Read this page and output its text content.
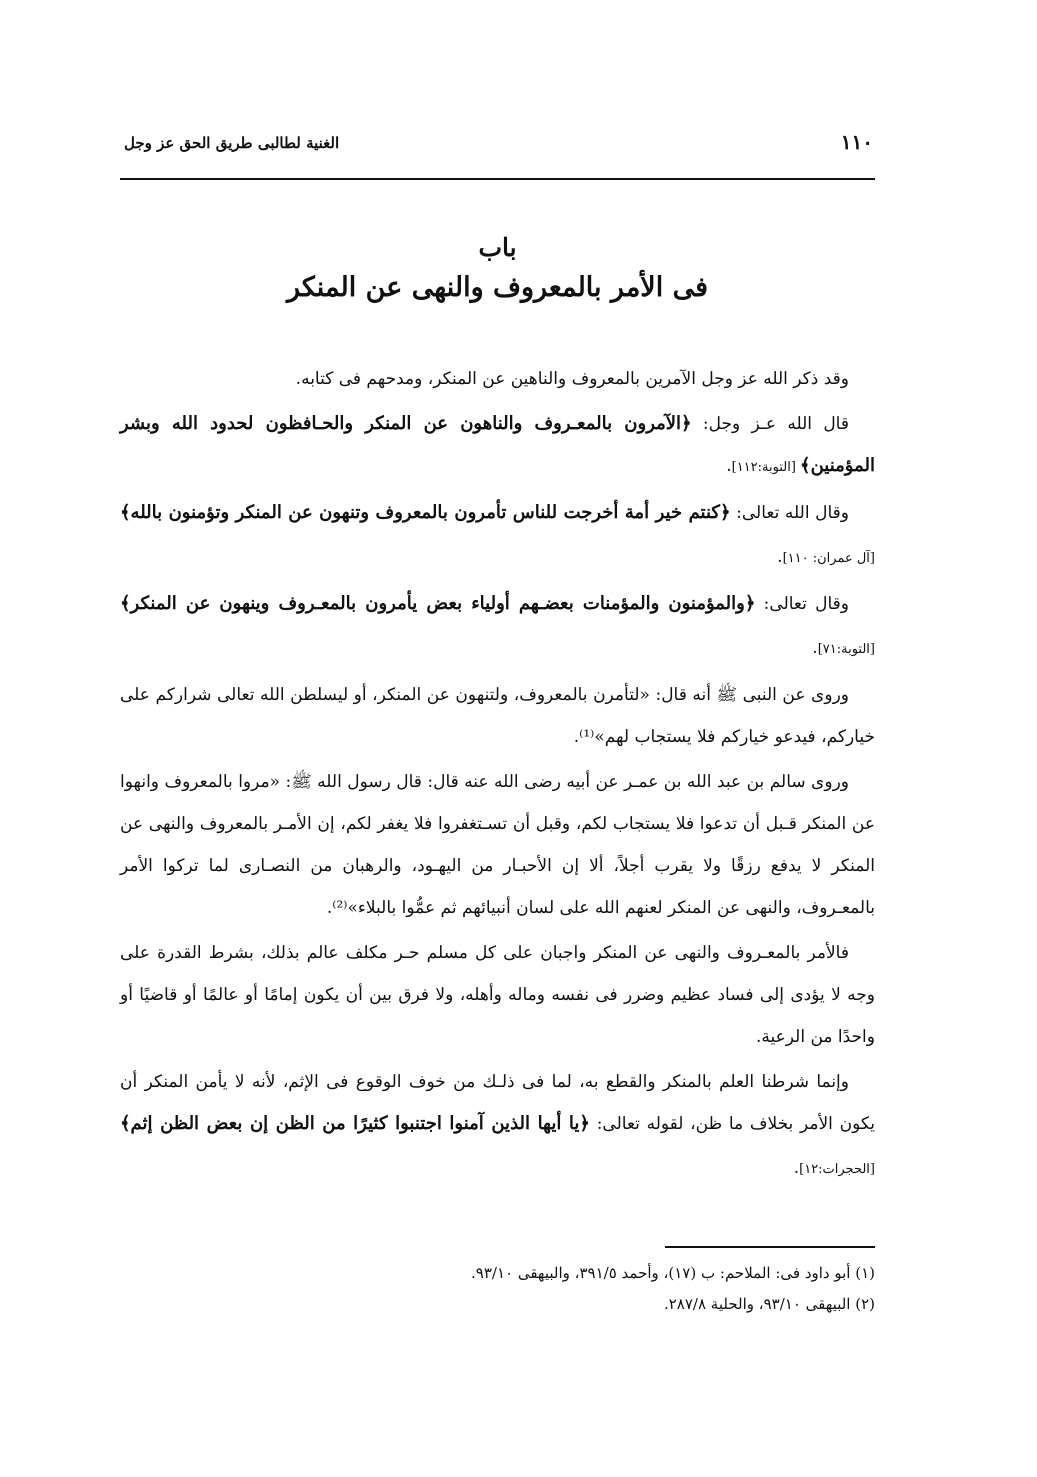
١١٠
الغنية لطالبى طريق الحق عز وجل
باب
فى الأمر بالمعروف والنهى عن المنكر

وقد ذكر الله عز وجل الآمرين بالمعروف والناهين عن المنكر، ومدحهم فى كتابه.

قال الله عـز وجل: ﴿الآمرون بالمعـروف والناهون عن المنكر والحـافظون لحدود الله وبشر المؤمنين﴾ [التوبة:١١٢].

وقال الله تعالى: ﴿كنتم خير أمة أخرجت للناس تأمرون بالمعروف وتنهون عن المنكر وتؤمنون بالله﴾ [آل عمران: ١١٠].

وقال تعالى: ﴿والمؤمنون والمؤمنات بعضـهم أولياء بعض يأمرون بالمعـروف وينهون عن المنكر﴾ [التوبة:٧١].

وروى عن النبى ﷺ أنه قال: «لتأمرن بالمعروف، ولتنهون عن المنكر، أو ليسلطن الله تعالى شراركم على خياركم، فيدعو خياركم فلا يستجاب لهم»⁽¹⁾.

وروى سالم بن عبد الله بن عمـر عن أبيه رضى الله عنه قال: قال رسول الله ﷺ: «مروا بالمعروف وانهوا عن المنكر قـبل أن تدعوا فلا يستجاب لكم، وقبل أن تسـتغفروا فلا يغفر لكم، إن الأمـر بالمعروف والنهى عن المنكر لا يدفع رزقًا ولا يقرب أجلاً، ألا إن الأحبـار من اليهـود، والرهبان من النصـارى لما تركوا الأمر بالمعـروف، والنهى عن المنكر لعنهم الله على لسان أنبيائهم ثم عمُّوا بالبلاء»⁽²⁾.

فالأمر بالمعـروف والنهى عن المنكر واجبان على كل مسلم حـر مكلف عالم بذلك، بشرط القدرة على وجه لا يؤدى إلى فساد عظيم وضرر فى نفسه وماله وأهله، ولا فرق بين أن يكون إمامًا أو عالمًا أو قاضيًا أو واحدًا من الرعية.

وإنما شرطنا العلم بالمنكر والقطع به، لما فى ذلـك من خوف الوقوع فى الإثم، لأنه لا يأمن المنكر أن يكون الأمر بخلاف ما ظن، لقوله تعالى: ﴿يا أيها الذين آمنوا اجتنبوا كثيرًا من الظن إن بعض الظن إثم﴾ [الحجرات:١٢].

(١) أبو داود فى: الملاحم: ب (١٧)، وأحمد ٣٩١/٥، والبيهقى ٩٣/١٠.

(٢) البيهقى ٩٣/١٠، والحلية ٢٨٧/٨.
